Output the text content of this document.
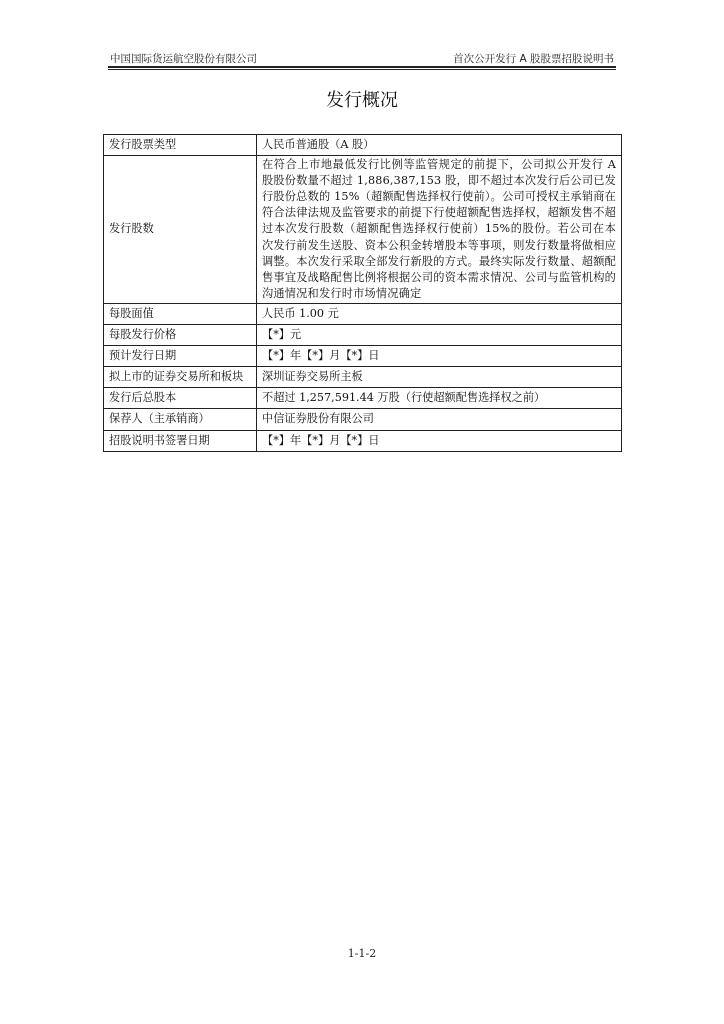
中国国际货运航空股份有限公司	首次公开发行 A 股股票招股说明书
发行概况
发行股票类型	人民币普通股（A 股）
发行股数	在符合上市地最低发行比例等监管规定的前提下，公司拟公开发行 A 股股份数量不超过 1,886,387,153 股，即不超过本次发行后公司已发行股份总数的 15%（超额配售选择权行使前）。公司可授权主承销商在符合法律法规及监管要求的前提下行使超额配售选择权，超额发售不超过本次发行股数（超额配售选择权行使前）15%的股份。若公司在本次发行前发生送股、资本公积金转增股本等事项，则发行数量将做相应调整。本次发行采取全部发行新股的方式。最终实际发行数量、超额配售事宜及战略配售比例将根据公司的资本需求情况、公司与监管机构的沟通情况和发行时市场情况确定
每股面值	人民币 1.00 元
每股发行价格	【*】元
预计发行日期	【*】年【*】月【*】日
拟上市的证券交易所和板块	深圳证券交易所主板
发行后总股本	不超过 1,257,591.44 万股（行使超额配售选择权之前）
保荐人（主承销商）	中信证券股份有限公司
招股说明书签署日期	【*】年【*】月【*】日
1-1-2
